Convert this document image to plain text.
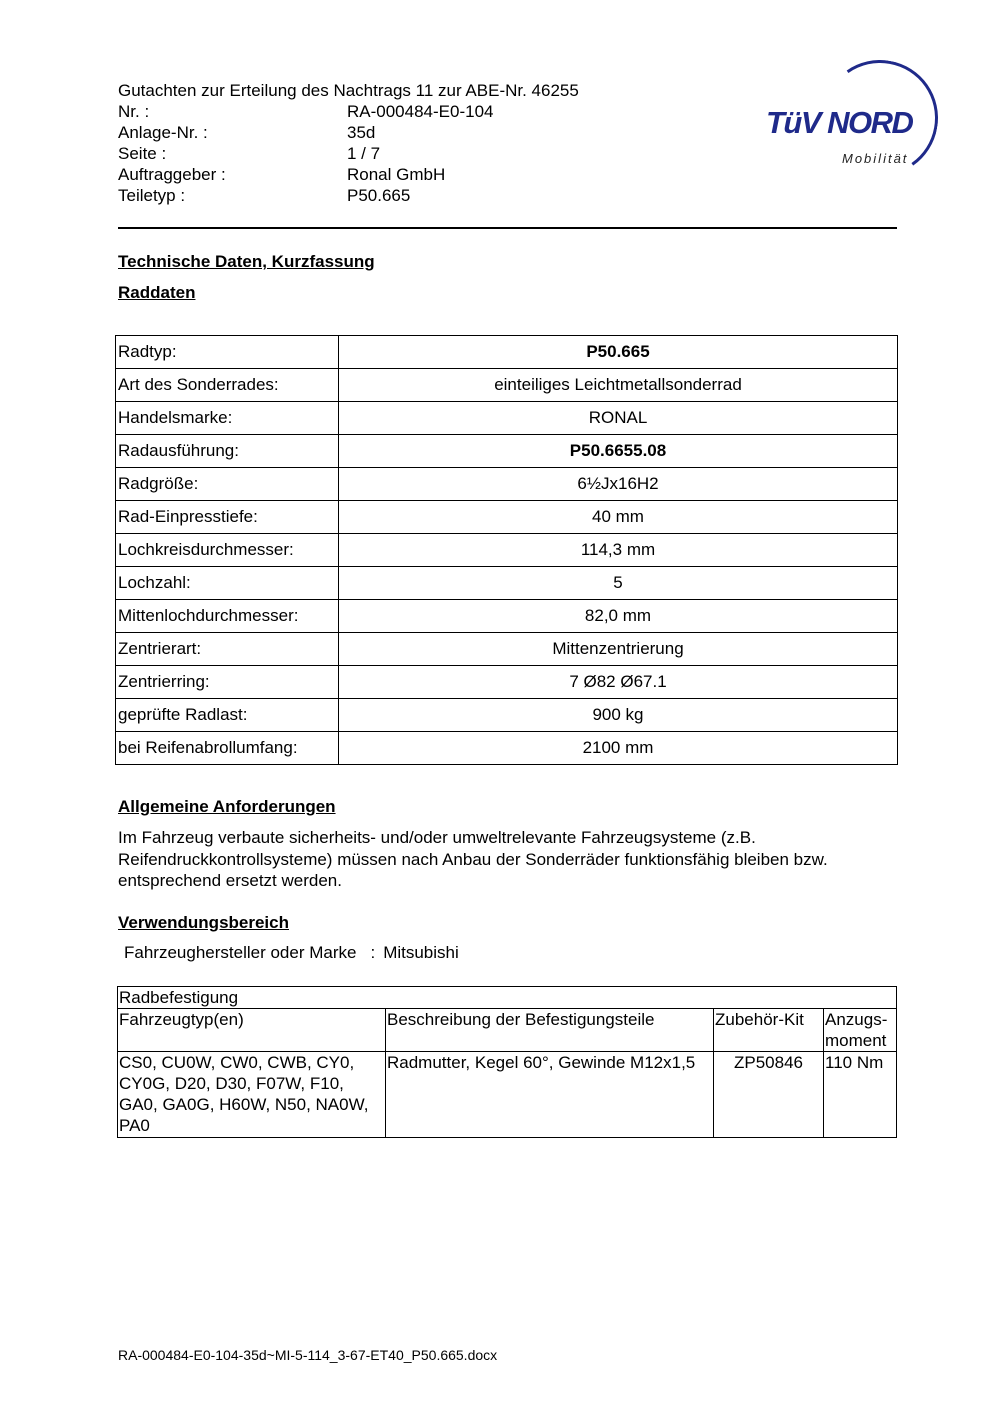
Gutachten zur Erteilung des Nachtrags 11 zur ABE-Nr. 46255
Nr. :	RA-000484-E0-104
Anlage-Nr. :	35d
Seite :	1 / 7
Auftraggeber :	Ronal GmbH
Teiletyp :	P50.665
TüV NORD
Mobilität
Technische Daten, Kurzfassung
Raddaten
Radtyp:	P50.665
Art des Sonderrades:	einteiliges Leichtmetallsonderrad
Handelsmarke:	RONAL
Radausführung:	P50.6655.08
Radgröße:	6½Jx16H2
Rad-Einpresstiefe:	40 mm
Lochkreisdurchmesser:	114,3 mm
Lochzahl:	5
Mittenlochdurchmesser:	82,0 mm
Zentrierart:	Mittenzentrierung
Zentrierring:	7 Ø82 Ø67.1
geprüfte Radlast:	900 kg
bei Reifenabrollumfang:	2100 mm
Allgemeine Anforderungen
Im Fahrzeug verbaute sicherheits- und/oder umweltrelevante Fahrzeugsysteme (z.B. Reifendruckkontrollsysteme) müssen nach Anbau der Sonderräder funktionsfähig bleiben bzw. entsprechend ersetzt werden.
Verwendungsbereich
Fahrzeughersteller oder Marke : Mitsubishi
Radbefestigung			
Fahrzeugtyp(en)	Beschreibung der Befestigungsteile	Zubehör-Kit	Anzugs-moment
CS0, CU0W, CW0, CWB, CY0, CY0G, D20, D30, F07W, F10, GA0, GA0G, H60W, N50, NA0W, PA0	Radmutter, Kegel 60°, Gewinde M12x1,5	ZP50846	110 Nm
RA-000484-E0-104-35d~MI-5-114_3-67-ET40_P50.665.docx
